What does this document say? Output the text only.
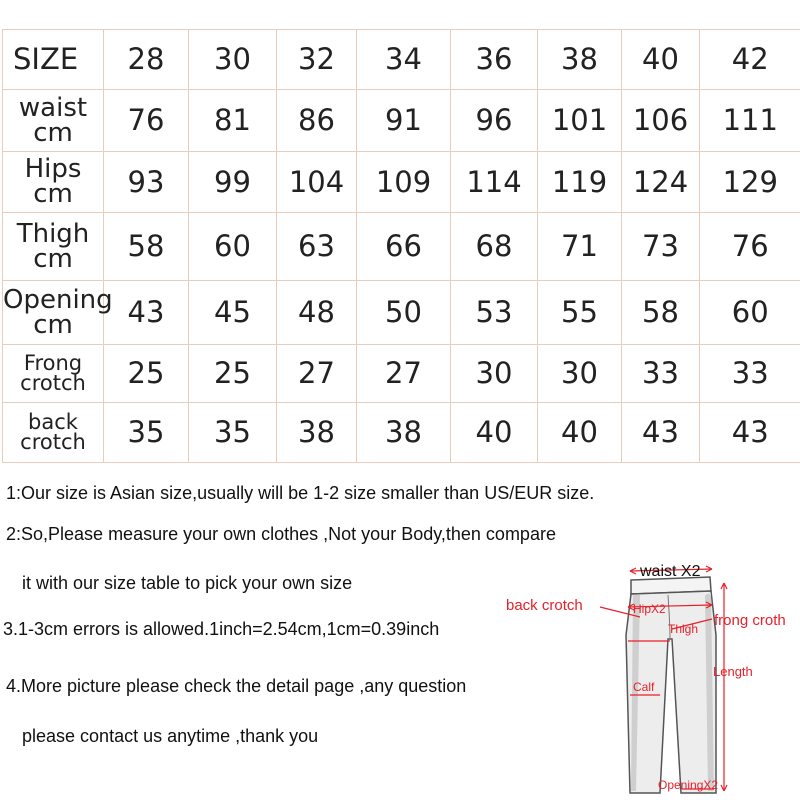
SIZE	28	30	32	34	36	38	40	42

waist
cm	76	81	86	91	96	101	106	111

Hips
cm	93	99	104	109	114	119	124	129

Thigh
cm	58	60	63	66	68	71	73	76

Opening
cm	43	45	48	50	53	55	58	60

Frong
crotch	25	25	27	27	30	30	33	33

back
crotch	35	35	38	38	40	40	43	43
1:Our size is Asian size,usually will be 1-2 size smaller than US/EUR size.
2:So,Please measure your own clothes ,Not your Body,then compare
it with our size table to pick your own size
3.1-3cm errors is allowed.1inch=2.54cm,1cm=0.39inch
4.More picture please check the detail page ,any question
please contact us anytime ,thank you
waist X2
back crotch	HipX2
frong croth
Thigh
Length
Calf
OpeningX2
